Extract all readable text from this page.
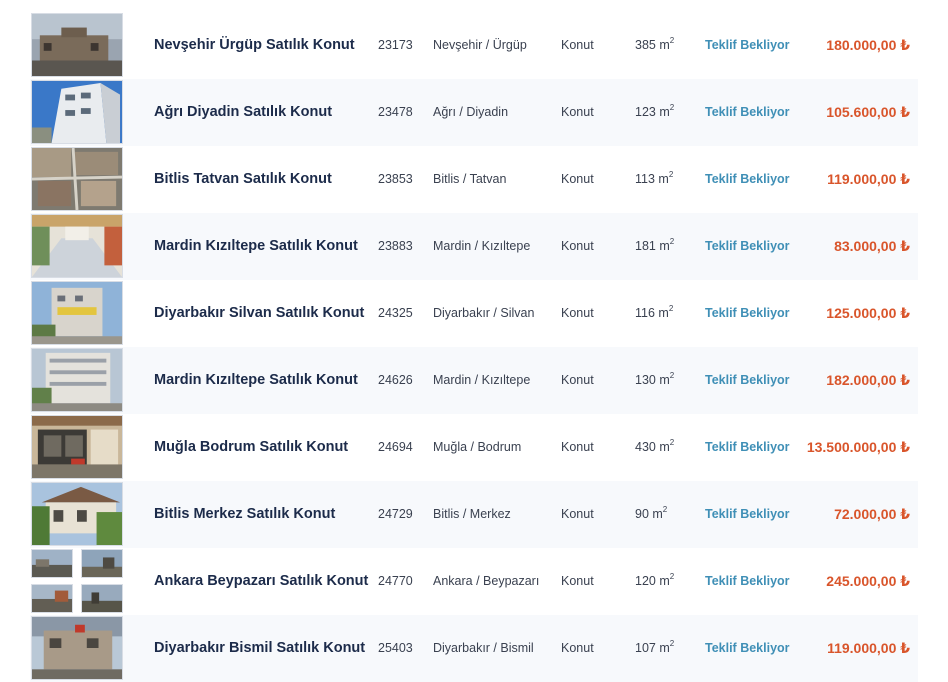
Nevşehir Ürgüp Satılık Konut 23173 Nevşehir / Ürgüp	Konut	385 $m^2$ Teklif Bekliyor	180.000,00 ₺
Ağrı Diyadin Satılık Konut	23478 Ağrı / Diyadin	Konut	123 $m^2$ Teklif Bekliyor	105.600,00 ₺
Bitlis Tatvan Satılık Konut	23853 Bitlis / Tatvan	Konut	113 $m^2$	Teklif Bekliyor	119.000,00 ₺
Mardin Kızıltepe Satılık Konut 23883 Mardin / Kızıltepe Konut	181 $m^2$ Teklif Bekliyor	83.000,00 ₺
Diyarbakır Silvan Satılık Konut 24325 Diyarbakır / Silvan Konut	116 $m^2$	Teklif Bekliyor	125.000,00 ₺
Mardin Kızıltepe Satılık Konut 24626 Mardin / Kızıltepe Konut	130 $m^2$ Teklif Bekliyor	182.000,00 ₺
Muğla Bodrum Satılık Konut 24694 Muğla / Bodrum	Konut	430 $m^2$ Teklif Bekliyor 13.500.000,00 ₺
Bitlis Merkez Satılık Konut	24729 Bitlis / Merkez	Konut	90 $m^2$	Teklif Bekliyor	72.000,00 ₺
Ankara Beypazarı Satılık Konut 24770 Ankara / Beypazarı Konut	120 $m^2$ Teklif Bekliyor	245.000,00 ₺
Diyarbakır Bismil Satılık Konut 25403 Diyarbakır / Bismil Konut	107 $m^2$ Teklif Bekliyor	119.000,00 ₺
